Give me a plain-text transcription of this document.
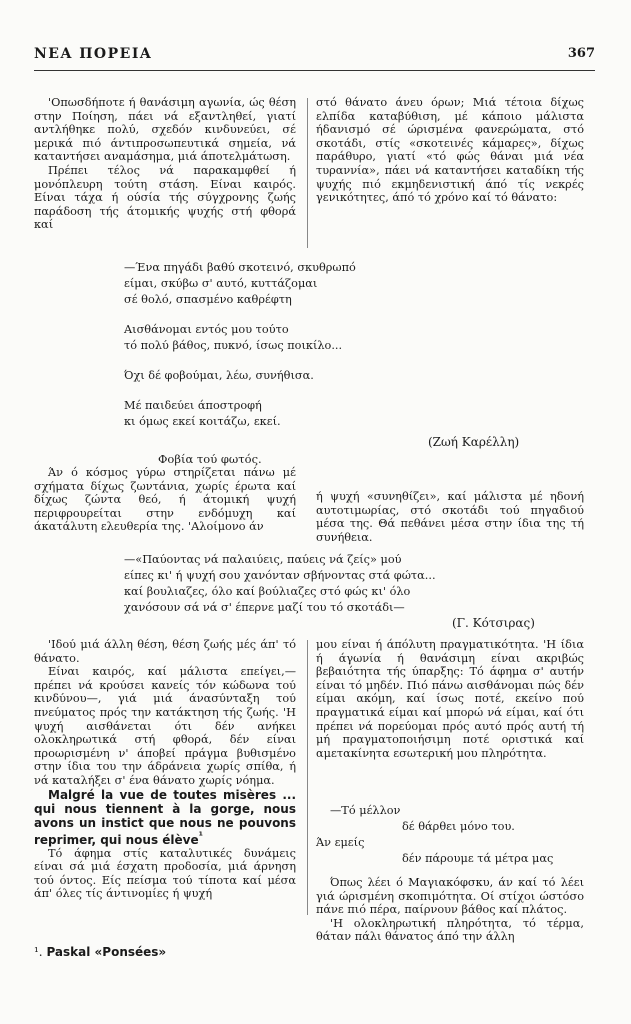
ΝΕΑ ΠΟΡΕΙΑ	367

'Οπωσδήποτε ή θανάσιμη αγωνία, ώς θέση στην Ποίηση, πάει νά εξαντληθεί, γιατί αντλήθηκε πολύ, σχεδόν κινδυνεύει, σέ μερικά πιό άντιπροσωπευτικά σημεία, νά καταντήσει αναμάσημα, μιά άποτελμάτωση.

Πρέπει τέλος νά παρακαμφθεί ή μονόπλευρη τούτη στάση. Είναι καιρός. Είναι τάχα ή ούσία τής σύγχρονης ζωής παράδοση τής άτομικής ψυχής στή φθορά καί

στό θάνατο άνευ όρων; Μιά τέτοια δίχως ελπίδα καταβύθιση, μέ κάποιο μάλιστα ήδανισμό σέ ώρισμένα φανερώματα, στό σκοτάδι, στίς «σκοτεινές κάμαρες», δίχως παράθυρο, γιατί «τό φώς θάναι μιά νέα τυραννία», πάει νά καταντήσει καταδίκη τής ψυχής πιό εκμηδενιστική άπό τίς νεκρές γενικότητες, άπό τό χρόνο καί τό θάνατο:

—Ένα πηγάδι βαθύ σκοτεινό, σκυθρωπό
είμαι, σκύβω σ' αυτό, κυττάζομαι
σέ θολό, σπασμένο καθρέφτη
Αισθάνομαι εντός μου τούτο
τό πολύ βάθος, πυκνό, ίσως ποικίλο...
Όχι δέ φοβούμαι, λέω, συνήθισα.
Μέ παιδεύει άποστροφή
κι όμως εκεί κοιτάζω, εκεί.
(Ζωή Καρέλλη)
Φοβία τού φωτός.

Άν ό κόσμος γύρω στηρίζεται πάνω μέ σχήματα δίχως ζωντάνια, χωρίς έρωτα καί δίχως ζώντα θεό, ή άτομική ψυχή περιφρουρείται στην ενδόμυχη καί άκατάλυτη ελευθερία της. 'Αλοίμονο άν

ή ψυχή «συνηθίζει», καί μάλιστα μέ ηδονή αυτοτιμωρίας, στό σκοτάδι τού πηγαδιού μέσα της. Θά πεθάνει μέσα στην ίδια της τή συνήθεια.

—«Παύοντας νά παλαιύεις, παύεις νά ζείς» μού
είπες κι' ή ψυχή σου χανόνταν σβήνοντας στά φώτα...
καί βουλιαζες, όλο καί βούλιαζες στό φώς κι' όλο
χανόσουν σά νά σ' έπερνε μαζί του τό σκοτάδι—
(Γ. Κότσιρας)

'Ιδού μιά άλλη θέση, θέση ζωής μές άπ' τό θάνατο.

Είναι καιρός, καί μάλιστα επείγει,— πρέπει νά κρούσει κανείς τόν κώδωνα τού κινδύνου—, γιά μιά άνασύνταξη τού πνεύματος πρός την κατάκτηση τής ζωής. 'Η ψυχή αισθάνεται ότι δέν ανήκει ολοκληρωτικά στή φθορά, δέν είναι προωρισμένη ν' άποβεί πράγμα βυθισμένο στην ίδια του την άδράνεια χωρίς σπίθα, ή νά καταλήξει σ' ένα θάνατο χωρίς νόημα.

Malgré la vue de toutes misères ... qui nous tiennent à la gorge, nous avons un instict que nous ne pouvons reprimer, qui nous élève$^{^1}$

Τό άφημα στίς καταλυτικές δυνάμεις είναι σά μιά έσχατη προδοσία, μιά άρνηση τού όντος. Είς πείσμα τού τίποτα καί μέσα άπ' όλες τίς άντινομίες ή ψυχή

μου είναι ή άπόλυτη πραγματικότητα. 'Η ίδια ή άγωνία ή θανάσιμη είναι ακριβώς βεβαιότητα τής ύπαρξης: Τό άφημα σ' αυτήν είναι τό μηδέν. Πιό πάνω αισθάνομαι πώς δέν είμαι ακόμη, καί ίσως ποτέ, εκείνο πού πραγματικά είμαι καί μπορώ νά είμαι, καί ότι πρέπει νά πορεύομαι πρός αυτό πρός αυτή τή μή πραγματοποιήσιμη ποτέ οριστικά καί αμετακίνητα εσωτερική μου πληρότητα.

—Τό μέλλον
δέ θάρθει μόνο του.
Άν εμείς
δέν πάρουμε τά μέτρα μας

Όπως λέει ό Μαγιακόφσκυ, άν καί τό λέει γιά ώρισμένη σκοπιμότητα. Οί στίχοι ώστόσο πάνε πιό πέρα, παίρνουν βάθος καί πλάτος.

'Η ολοκληρωτική πληρότητα, τό τέρμα, θάταν πάλι θάνατος άπό την άλλη

¹. Paskal «Ponsées»
